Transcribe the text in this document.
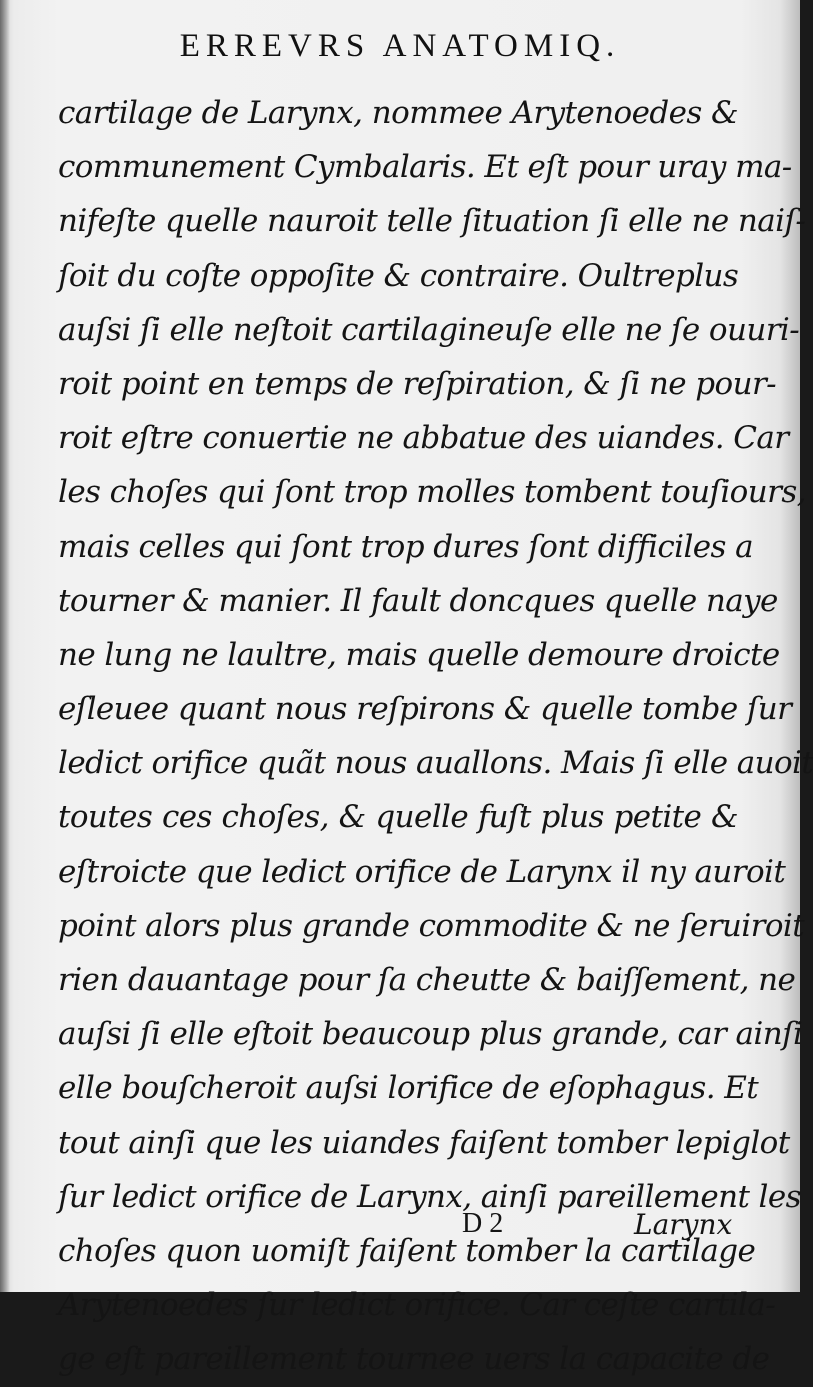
ERREVRS ANATOMIQ.
cartilage de Larynx, nommee Arytenoedes &
communement Cymbalaris. Et eſt pour uray ma-
nifeſte quelle nauroit telle ſituation ſi elle ne naiſ-
ſoit du coſte oppoſite & contraire. Oultreplus
auſsi ſi elle neſtoit cartilagineuſe elle ne ſe ouuri-
roit point en temps de reſpiration, & ſi ne pour-
roit eſtre conuertie ne abbatue des uiandes. Car
les choſes qui ſont trop molles tombent touſiours,
mais celles qui ſont trop dures ſont difficiles a
tourner & manier. Il fault doncques quelle naye
ne lung ne laultre, mais quelle demoure droicte
eſleuee quant nous reſpirons & quelle tombe ſur
ledict orifice quãt nous auallons. Mais ſi elle auoit
toutes ces choſes, & quelle fuſt plus petite &
eſtroicte que ledict orifice de Larynx il ny auroit
point alors plus grande commodite & ne ſeruiroit
rien dauantage pour ſa cheutte & baiſſement, ne
auſsi ſi elle eſtoit beaucoup plus grande, car ainſi
elle bouſcheroit auſsi lorifice de eſophagus. Et
tout ainſi que les uiandes faiſent tomber lepiglot
ſur ledict orifice de Larynx, ainſi pareillement les
choſes quon uomiſt faiſent tomber la cartilage
Arytenoedes ſur ledict orifice. Car ceſte cartila-
ge eſt pareillement tournee uers la capacite de
D 2	Larynx
